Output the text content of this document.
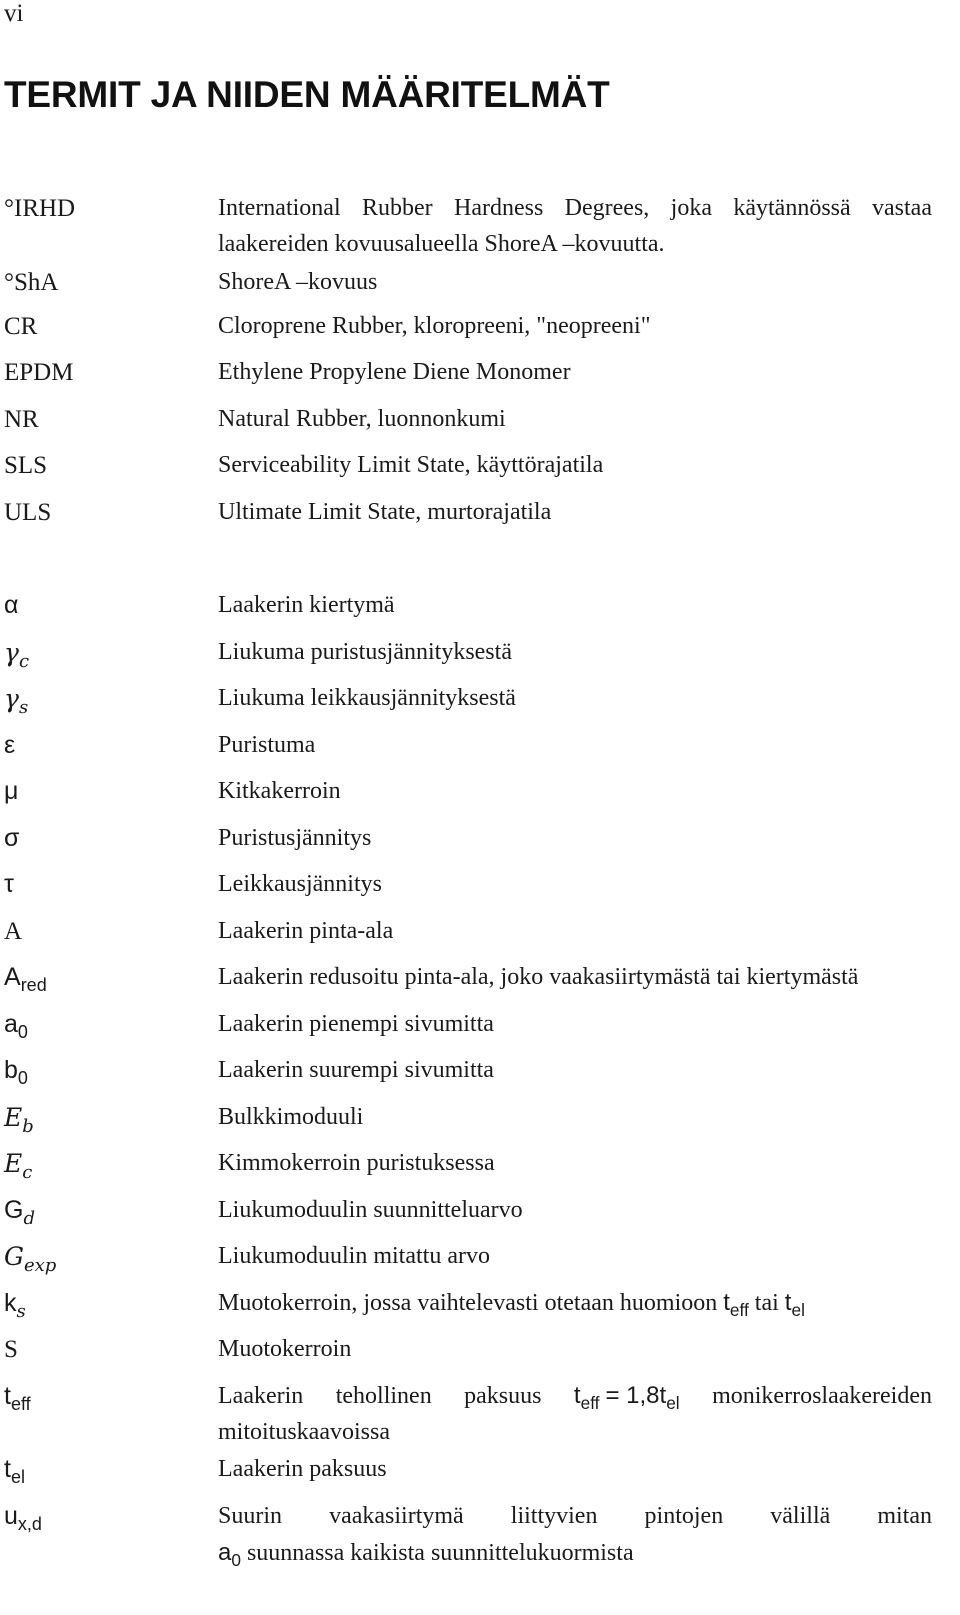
vi
TERMIT JA NIIDEN MÄÄRITELMÄT
°IRHD	International Rubber Hardness Degrees, joka käytännössä vastaa
laakereiden kovuusalueella ShoreA –kovuutta.
°ShA	ShoreA –kovuus
CR	Cloroprene Rubber, kloropreeni, "neopreeni"
EPDM	Ethylene Propylene Diene Monomer
NR	Natural Rubber, luonnonkumi
SLS	Serviceability Limit State, käyttörajatila
ULS	Ultimate Limit State, murtorajatila
α	Laakerin kiertymä
$\gamma_c$	Liukuma puristusjännityksestä
$\gamma_s$	Liukuma leikkausjännityksestä
ε	Puristuma
μ	Kitkakerroin
σ	Puristusjännitys
τ	Leikkausjännitys
A	Laakerin pinta-ala
$A_{red}$	Laakerin redusoitu pinta-ala, joko vaakasiirtymästä tai kiertymästä
$a_0$	Laakerin pienempi sivumitta
$b_0$	Laakerin suurempi sivumitta
$E_b$	Bulkkimoduuli
$E_c$	Kimmokerroin puristuksessa
$G_d$	Liukumoduulin suunnitteluarvo
$G_{exp}$	Liukumoduulin mitattu arvo
$k_s$	Muotokerroin, jossa vaihtelevasti otetaan huomioon $t_{eff}$ tai $t_{el}$
S	Muotokerroin
$t_{eff}$	Laakerin tehollinen paksuus $t_{eff} = 1,8t_{el}$ monikerroslaakereiden
mitoituskaavoissa
$t_{el}$	Laakerin paksuus
$u_{x,d}$	Suurin vaakasiirtymä liittyvien pintojen välillä mitan
$a_0$ suunnassa kaikista suunnittelukuormista
